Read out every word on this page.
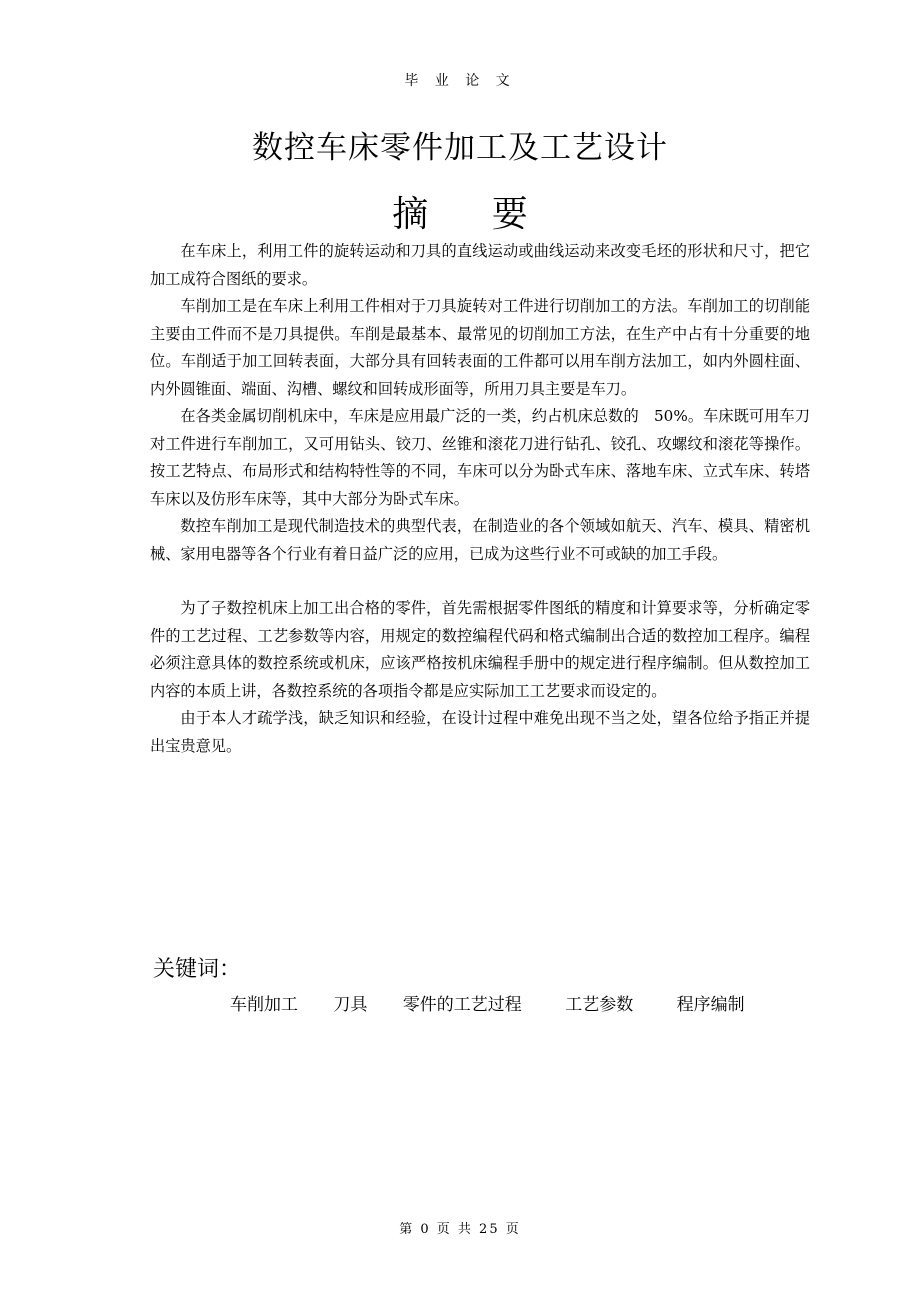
毕 业 论 文
数控车床零件加工及工艺设计
摘 要

在车床上，利用工件的旋转运动和刀具的直线运动或曲线运动来改变毛坯的形状和尺寸，把它加工成符合图纸的要求。

车削加工是在车床上利用工件相对于刀具旋转对工件进行切削加工的方法。车削加工的切削能主要由工件而不是刀具提供。车削是最基本、最常见的切削加工方法，在生产中占有十分重要的地位。车削适于加工回转表面，大部分具有回转表面的工件都可以用车削方法加工，如内外圆柱面、内外圆锥面、端面、沟槽、螺纹和回转成形面等，所用刀具主要是车刀。

在各类金属切削机床中，车床是应用最广泛的一类，约占机床总数的　50%。车床既可用车刀对工件进行车削加工，又可用钻头、铰刀、丝锥和滚花刀进行钻孔、铰孔、攻螺纹和滚花等操作。按工艺特点、布局形式和结构特性等的不同，车床可以分为卧式车床、落地车床、立式车床、转塔车床以及仿形车床等，其中大部分为卧式车床。

数控车削加工是现代制造技术的典型代表，在制造业的各个领域如航天、汽车、模具、精密机械、家用电器等各个行业有着日益广泛的应用，已成为这些行业不可或缺的加工手段。

为了子数控机床上加工出合格的零件，首先需根据零件图纸的精度和计算要求等，分析确定零件的工艺过程、工艺参数等内容，用规定的数控编程代码和格式编制出合适的数控加工程序。编程必须注意具体的数控系统或机床，应该严格按机床编程手册中的规定进行程序编制。但从数控加工内容的本质上讲，各数控系统的各项指令都是应实际加工工艺要求而设定的。

由于本人才疏学浅，缺乏知识和经验，在设计过程中难免出现不当之处，望各位给予指正并提出宝贵意见。

关键词：
车削加工 刀具 零件的工艺过程	工艺参数	程序编制
第 0 页 共 25 页
